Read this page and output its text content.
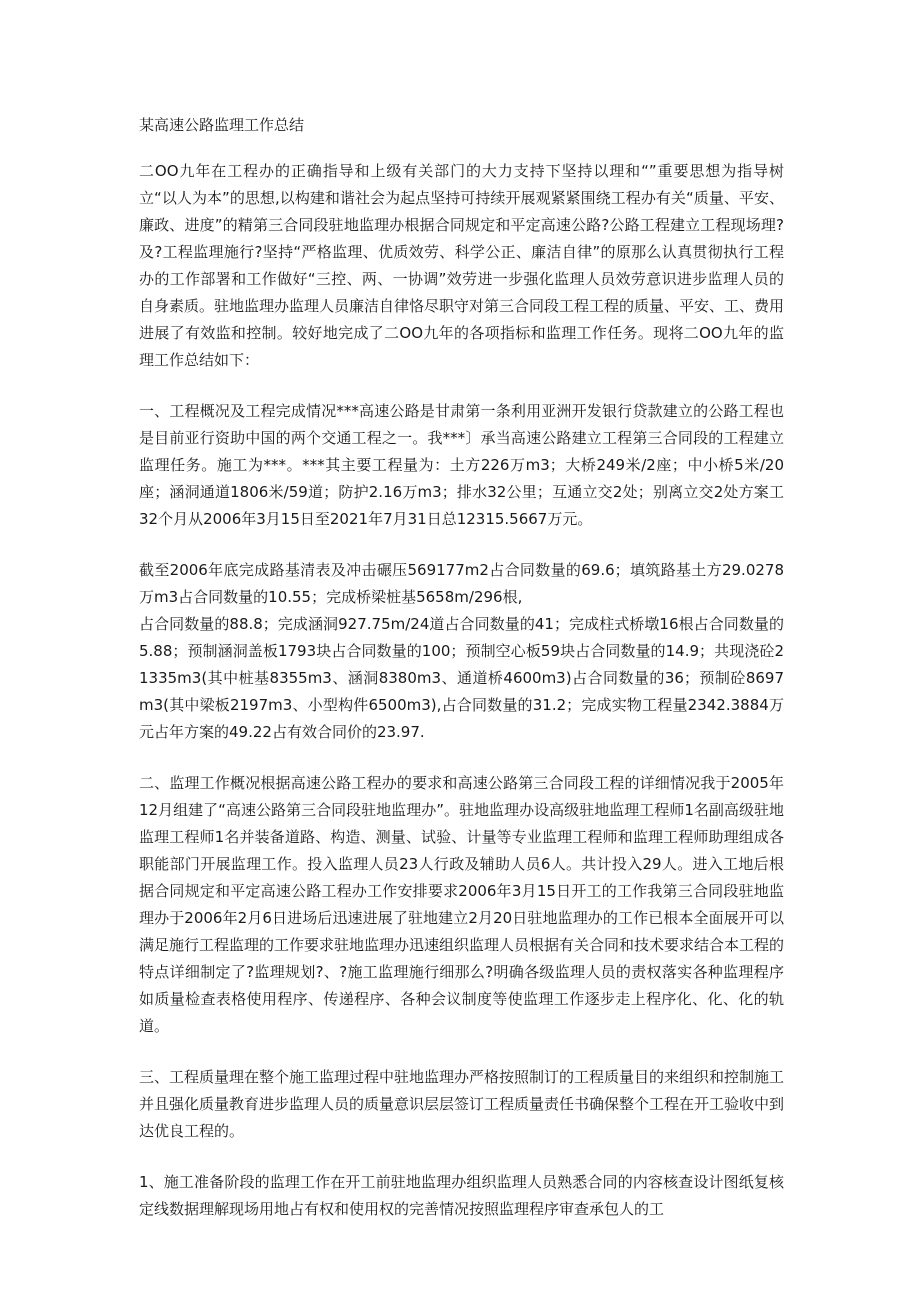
某高速公路监理工作总结

二OO九年在工程办的正确指导和上级有关部门的大力支持下坚持以理和“”重要思想为指导树立“以人为本”的思想,以构建和谐社会为起点坚持可持续开展观紧紧围绕工程办有关“质量、平安、廉政、进度”的精第三合同段驻地监理办根据合同规定和平定高速公路?公路工程建立工程现场理?及?工程监理施行?坚持“严格监理、优质效劳、科学公正、廉洁自律”的原那么认真贯彻执行工程办的工作部署和工作做好“三控、两、一协调”效劳进一步强化监理人员效劳意识进步监理人员的自身素质。驻地监理办监理人员廉洁自律恪尽职守对第三合同段工程工程的质量、平安、工、费用进展了有效监和控制。较好地完成了二OO九年的各项指标和监理工作任务。现将二OO九年的监理工作总结如下：

一、工程概况及工程完成情况***高速公路是甘肃第一条利用亚洲开发银行贷款建立的公路工程也是目前亚行资助中国的两个交通工程之一。我***〕承当高速公路建立工程第三合同段的工程建立监理任务。施工为***。***其主要工程量为：土方226万m3；大桥249米/2座；中小桥5米/20座；涵洞通道1806米/59道；防护2.16万m3；排水32公里；互通立交2处；别离立交2处方案工32个月从2006年3月15日至2021年7月31日总12315.5667万元。

截至2006年底完成路基清表及冲击碾压569177m2占合同数量的69.6；填筑路基土方29.0278万m3占合同数量的10.55；完成桥梁桩基5658m/296根,
占合同数量的88.8；完成涵洞927.75m/24道占合同数量的41；完成柱式桥墩16根占合同数量的5.88；预制涵洞盖板1793块占合同数量的100；预制空心板59块占合同数量的14.9；共现浇砼21335m3(其中桩基8355m3、涵洞8380m3、通道桥4600m3)占合同数量的36；预制砼8697m3(其中梁板2197m3、小型构件6500m3),占合同数量的31.2；完成实物工程量2342.3884万元占年方案的49.22占有效合同价的23.97.

二、监理工作概况根据高速公路工程办的要求和高速公路第三合同段工程的详细情况我于2005年12月组建了“高速公路第三合同段驻地监理办”。驻地监理办设高级驻地监理工程师1名副高级驻地监理工程师1名并装备道路、构造、测量、试验、计量等专业监理工程师和监理工程师助理组成各职能部门开展监理工作。投入监理人员23人行政及辅助人员6人。共计投入29人。进入工地后根据合同规定和平定高速公路工程办工作安排要求2006年3月15日开工的工作我第三合同段驻地监理办于2006年2月6日进场后迅速进展了驻地建立2月20日驻地监理办的工作已根本全面展开可以满足施行工程监理的工作要求驻地监理办迅速组织监理人员根据有关合同和技术要求结合本工程的特点详细制定了?监理规划?、?施工监理施行细那么?明确各级监理人员的责权落实各种监理程序如质量检查表格使用程序、传递程序、各种会议制度等使监理工作逐步走上程序化、化、化的轨道。

三、工程质量理在整个施工监理过程中驻地监理办严格按照制订的工程质量目的来组织和控制施工并且强化质量教育进步监理人员的质量意识层层签订工程质量责任书确保整个工程在开工验收中到达优良工程的。

1、施工准备阶段的监理工作在开工前驻地监理办组织监理人员熟悉合同的内容核查设计图纸复核定线数据理解现场用地占有权和使用权的完善情况按照监理程序审查承包人的工
